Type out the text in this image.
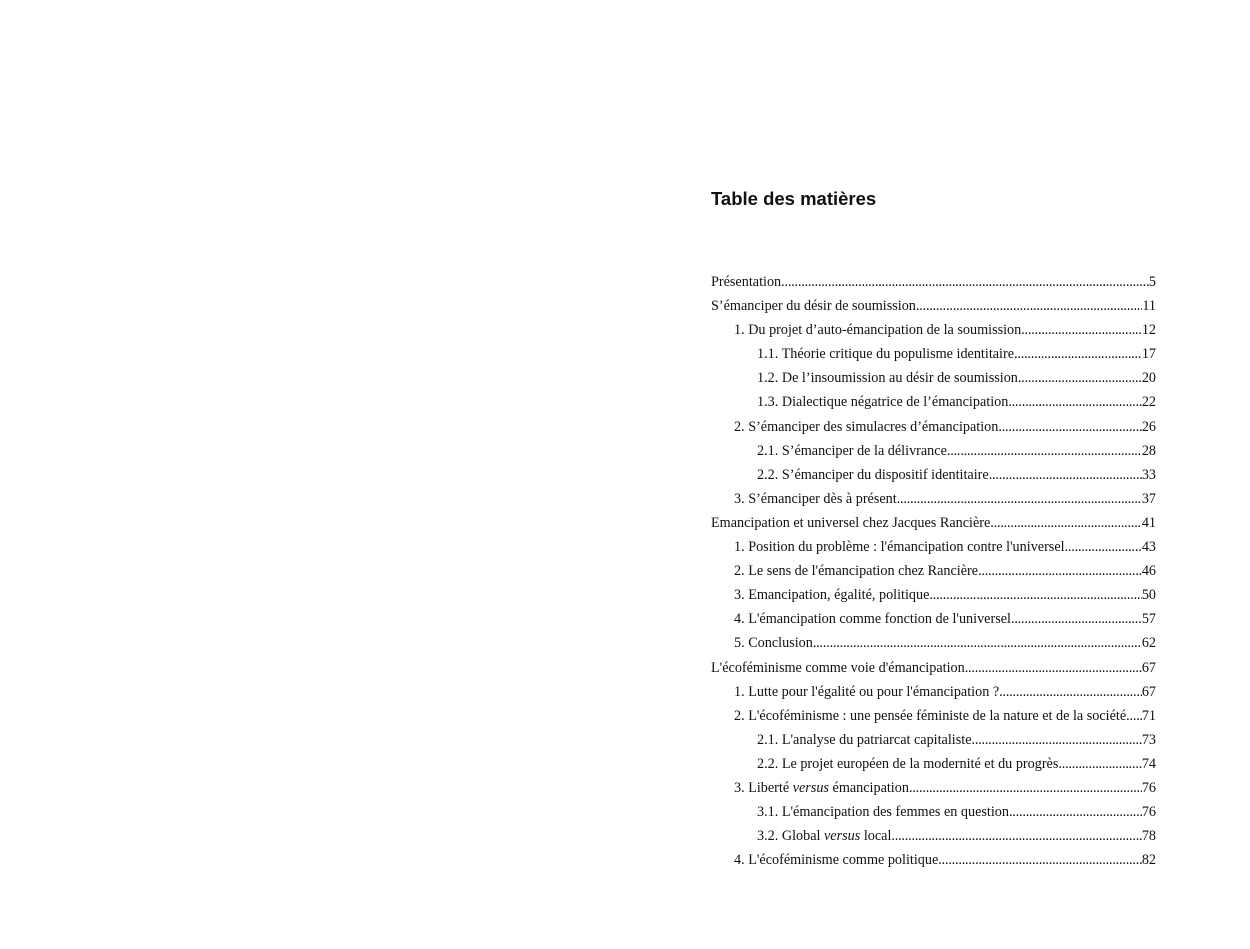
Table des matières
Présentation .....	5
S’émanciper du désir de soumission .....	11
1. Du projet d’auto-émancipation de la soumission .....	12
1.1. Théorie critique du populisme identitaire .....	17
1.2. De l’insoumission au désir de soumission .....	20
1.3. Dialectique négatrice de l’émancipation .....	22
2. S’émanciper des simulacres d’émancipation .....	26
2.1. S’émanciper de la délivrance .....	28
2.2. S’émanciper du dispositif identitaire .....	33
3. S’émanciper dès à présent .....	37
Emancipation et universel chez Jacques Rancière .....	41
1. Position du problème : l'émancipation contre l'universel .....	43
2. Le sens de l'émancipation chez Rancière .....	46
3. Emancipation, égalité, politique .....	50
4. L'émancipation comme fonction de l'universel .....	57
5. Conclusion .....	62
L'écoféminisme comme voie d'émancipation .....	67
1. Lutte pour l'égalité ou pour l'émancipation ? .....	67
2. L'écoféminisme : une pensée féministe de la nature et de la société ..... 71
2.1. L'analyse du patriarcat capitaliste .....	73
2.2. Le projet européen de la modernité et du progrès .....	74
3. Liberté versus émancipation .....	76
3.1. L'émancipation des femmes en question .....	76
3.2. Global versus local .....	78
4. L'écoféminisme comme politique .....	82
